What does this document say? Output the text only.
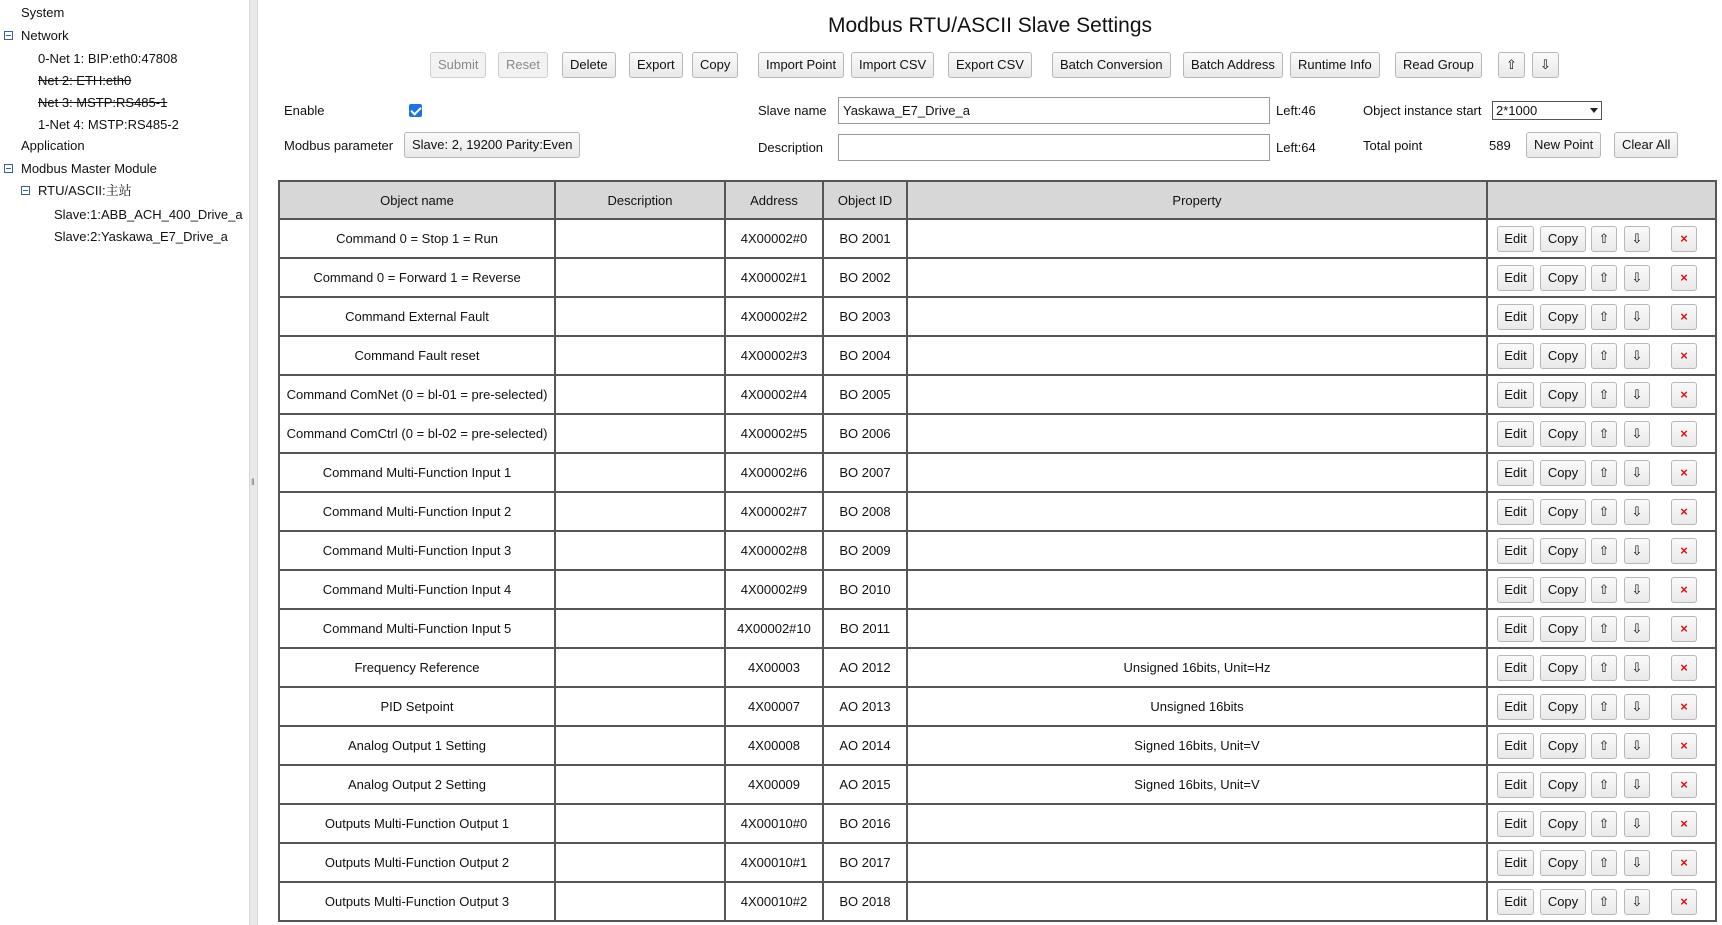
System
Network
0-Net 1: BIP:eth0:47808
Net 2: ETH:eth0
Net 3: MSTP:RS485-1
1-Net 4: MSTP:RS485-2
Application
Modbus Master Module
RTU/ASCII:主站
Slave:1:ABB_ACH_400_Drive_a
Slave:2:Yaskawa_E7_Drive_a
‖
Modbus RTU/ASCII Slave Settings
Submit	Reset	Delete	Export	Copy	Import Point	Import CSV	Export CSV	Batch Conversion	Batch Address	Runtime Info	Read Group	⇧	⇩
Enable	Slave name
Yaskawa_E7_Drive_a	Left:46	Object instance start	2*1000
Modbus parameter	Slave: 2, 19200 Parity:Even	Description	Left:64	Total point	589	New Point	Clear All
Object name	Description	Address	Object ID	Property	
Command 0 = Stop 1 = Run		4X00002#0	BO 2001		Edit Copy ⇧ ⇩ ×

Command 0 = Forward 1 = Reverse		4X00002#1	BO 2002		Edit Copy ⇧ ⇩ ×

Command External Fault		4X00002#2	BO 2003		Edit Copy ⇧ ⇩ ×

Command Fault reset		4X00002#3	BO 2004		Edit Copy ⇧ ⇩ ×

Command ComNet (0 = bl-01 = pre-selected)		4X00002#4	BO 2005		Edit Copy ⇧ ⇩ ×

Command ComCtrl (0 = bl-02 = pre-selected)		4X00002#5	BO 2006		Edit Copy ⇧ ⇩ ×

Command Multi-Function Input 1		4X00002#6	BO 2007		Edit Copy ⇧ ⇩ ×

Command Multi-Function Input 2		4X00002#7	BO 2008		Edit Copy ⇧ ⇩ ×

Command Multi-Function Input 3		4X00002#8	BO 2009		Edit Copy ⇧ ⇩ ×

Command Multi-Function Input 4		4X00002#9	BO 2010		Edit Copy ⇧ ⇩ ×

Command Multi-Function Input 5		4X00002#10	BO 2011		Edit Copy ⇧ ⇩ ×

Frequency Reference		4X00003	AO 2012	Unsigned 16bits, Unit=Hz	Edit Copy ⇧ ⇩ ×

PID Setpoint		4X00007	AO 2013	Unsigned 16bits	Edit Copy ⇧ ⇩ ×

Analog Output 1 Setting		4X00008	AO 2014	Signed 16bits, Unit=V	Edit Copy ⇧ ⇩ ×

Analog Output 2 Setting		4X00009	AO 2015	Signed 16bits, Unit=V	Edit Copy ⇧ ⇩ ×

Outputs Multi-Function Output 1		4X00010#0	BO 2016		Edit Copy ⇧ ⇩ ×

Outputs Multi-Function Output 2		4X00010#1	BO 2017		Edit Copy ⇧ ⇩ ×

Outputs Multi-Function Output 3		4X00010#2	BO 2018		Edit Copy ⇧ ⇩ ×
